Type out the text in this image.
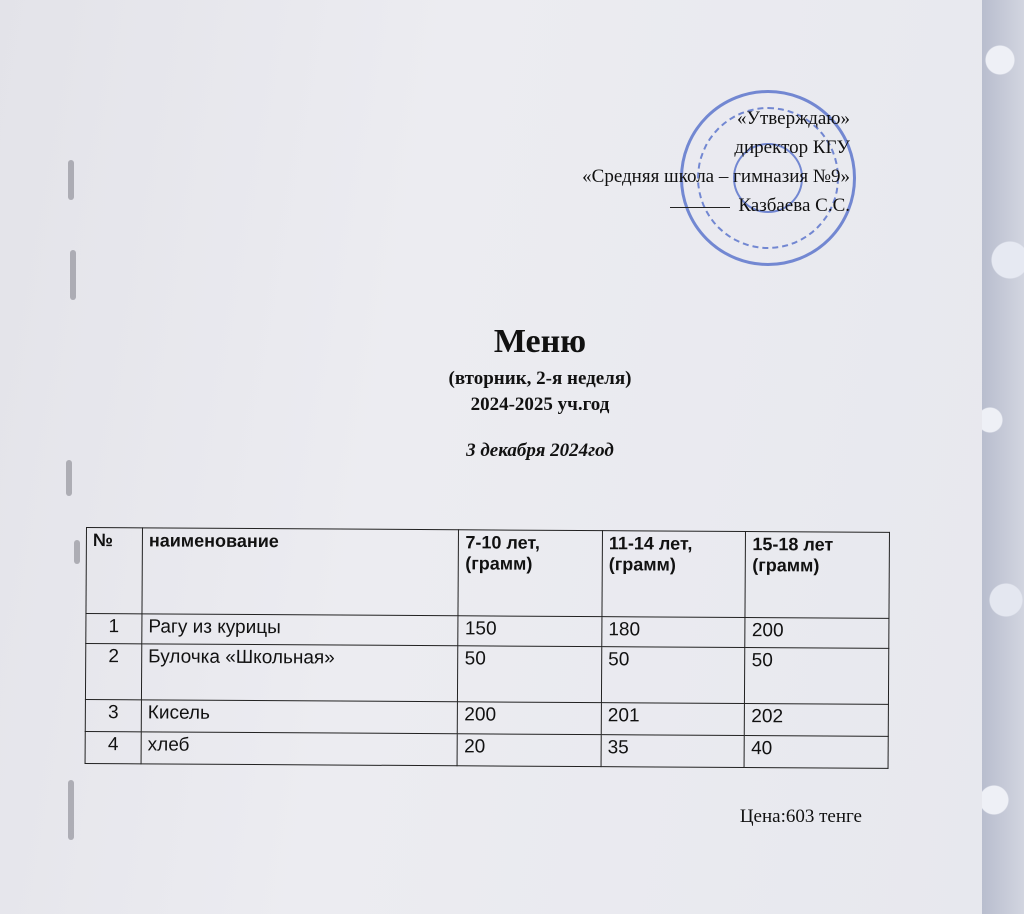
«Утверждаю»
директор КГУ
«Средняя школа – гимназия №9»
Казбаева С.С.
Меню
(вторник, 2-я неделя)
2024-2025 уч.год
3 декабря 2024год
№	наименование	7-10 лет, (грамм)	11-14 лет, (грамм)	15-18 лет (грамм)
1	Рагу из курицы	150	180	200
2	Булочка «Школьная»	50	50	50
3	Кисель	200	201	202
4	хлеб	20	35	40
Цена:603 тенге
